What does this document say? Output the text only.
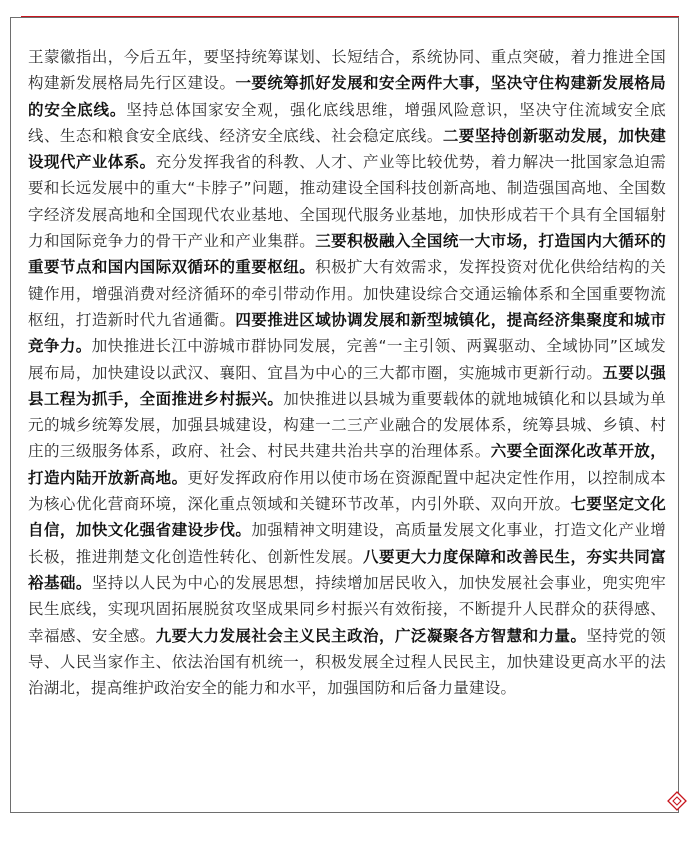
王蒙徽指出，今后五年，要坚持统筹谋划、长短结合，系统协同、重点突破，着力推进全国构建新发展格局先行区建设。一要统筹抓好发展和安全两件大事，坚决守住构建新发展格局的安全底线。坚持总体国家安全观，强化底线思维，增强风险意识，坚决守住流域安全底线、生态和粮食安全底线、经济安全底线、社会稳定底线。二要坚持创新驱动发展，加快建设现代产业体系。充分发挥我省的科教、人才、产业等比较优势，着力解决一批国家急迫需要和长远发展中的重大“卡脖子”问题，推动建设全国科技创新高地、制造强国高地、全国数字经济发展高地和全国现代农业基地、全国现代服务业基地，加快形成若干个具有全国辐射力和国际竞争力的骨干产业和产业集群。三要积极融入全国统一大市场，打造国内大循环的重要节点和国内国际双循环的重要枢纽。积极扩大有效需求，发挥投资对优化供给结构的关键作用，增强消费对经济循环的牵引带动作用。加快建设综合交通运输体系和全国重要物流枢纽，打造新时代九省通衢。四要推进区域协调发展和新型城镇化，提高经济集聚度和城市竞争力。加快推进长江中游城市群协同发展，完善“一主引领、两翼驱动、全域协同”区域发展布局，加快建设以武汉、襄阳、宜昌为中心的三大都市圈，实施城市更新行动。五要以强县工程为抓手，全面推进乡村振兴。加快推进以县城为重要载体的就地城镇化和以县域为单元的城乡统筹发展，加强县城建设，构建一二三产业融合的发展体系，统筹县城、乡镇、村庄的三级服务体系，政府、社会、村民共建共治共享的治理体系。六要全面深化改革开放，打造内陆开放新高地。更好发挥政府作用以使市场在资源配置中起决定性作用，以控制成本为核心优化营商环境，深化重点领域和关键环节改革，内引外联、双向开放。七要坚定文化自信，加快文化强省建设步伐。加强精神文明建设，高质量发展文化事业，打造文化产业增长极，推进荆楚文化创造性转化、创新性发展。八要更大力度保障和改善民生，夯实共同富裕基础。坚持以人民为中心的发展思想，持续增加居民收入，加快发展社会事业，兜实兜牢民生底线，实现巩固拓展脱贫攻坚成果同乡村振兴有效衔接，不断提升人民群众的获得感、幸福感、安全感。九要大力发展社会主义民主政治，广泛凝聚各方智慧和力量。坚持党的领导、人民当家作主、依法治国有机统一，积极发展全过程人民民主，加快建设更高水平的法治湖北，提高维护政治安全的能力和水平，加强国防和后备力量建设。
